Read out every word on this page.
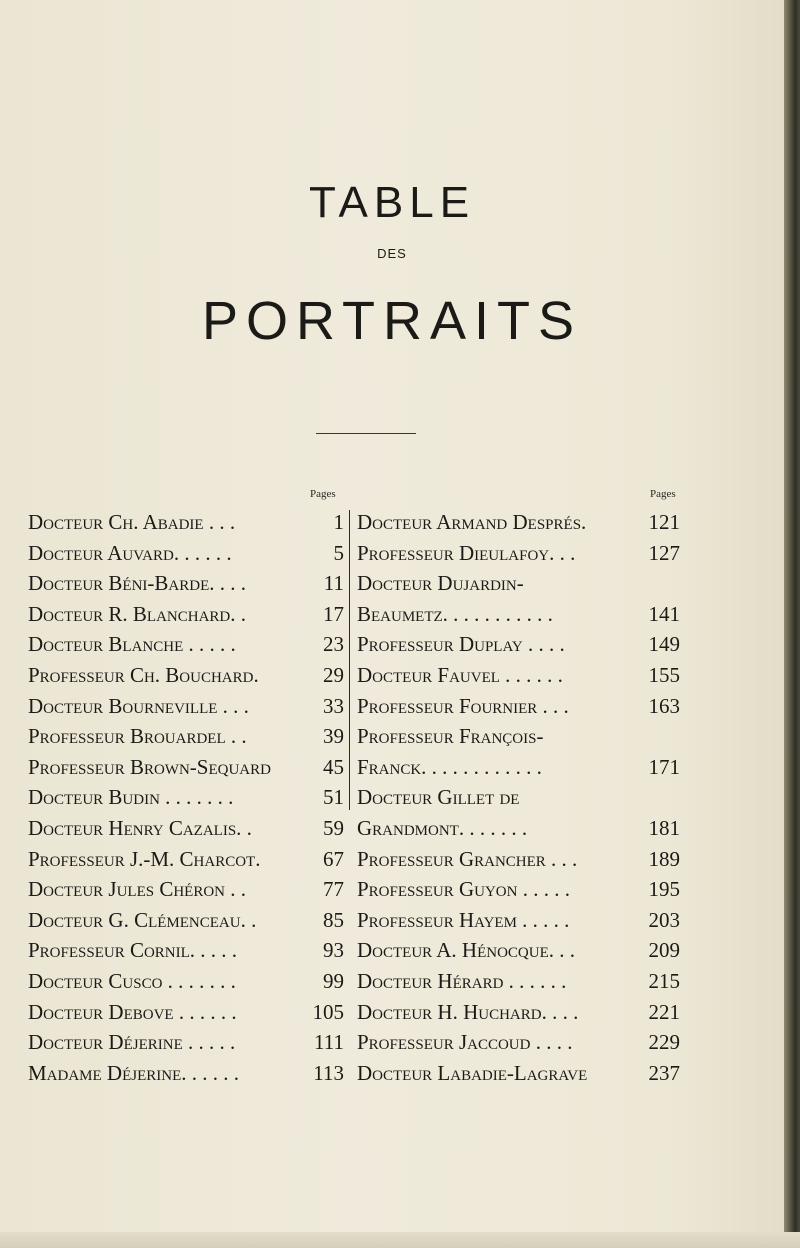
TABLE
DES
PORTRAITS
Pages	Pages
Docteur Ch. Abadie . . .	1
Docteur Auvard. . . . . .	5
Docteur Béni-Barde. . . .	11
Docteur R. Blanchard. .	17
Docteur Blanche . . . . .	23
Professeur Ch. Bouchard.	29
Docteur Bourneville . . .	33
Professeur Brouardel . .	39
Professeur Brown-Sequard	45
Docteur Budin . . . . . . .	51
Docteur Henry Cazalis. .	59
Professeur J.-M. Charcot.	67
Docteur Jules Chéron . .	77
Docteur G. Clémenceau. .	85
Professeur Cornil. . . . .	93
Docteur Cusco . . . . . . .	99
Docteur Debove . . . . . .	105
Docteur Déjerine . . . . .	111
Madame Déjerine. . . . . .	113
Docteur Armand Després.	121
Professeur Dieulafoy. . .	127
Docteur Dujardin-
Beaumetz. . . . . . . . . . .	141
Professeur Duplay . . . .	149
Docteur Fauvel . . . . . .	155
Professeur Fournier . . .	163
Professeur François-
Franck. . . . . . . . . . . .	171
Docteur Gillet de
Grandmont. . . . . . .	181
Professeur Grancher . . .	189
Professeur Guyon . . . . .	195
Professeur Hayem . . . . .	203
Docteur A. Hénocque. . .	209
Docteur Hérard . . . . . .	215
Docteur H. Huchard. . . .	221
Professeur Jaccoud . . . .	229
Docteur Labadie-Lagrave	237
